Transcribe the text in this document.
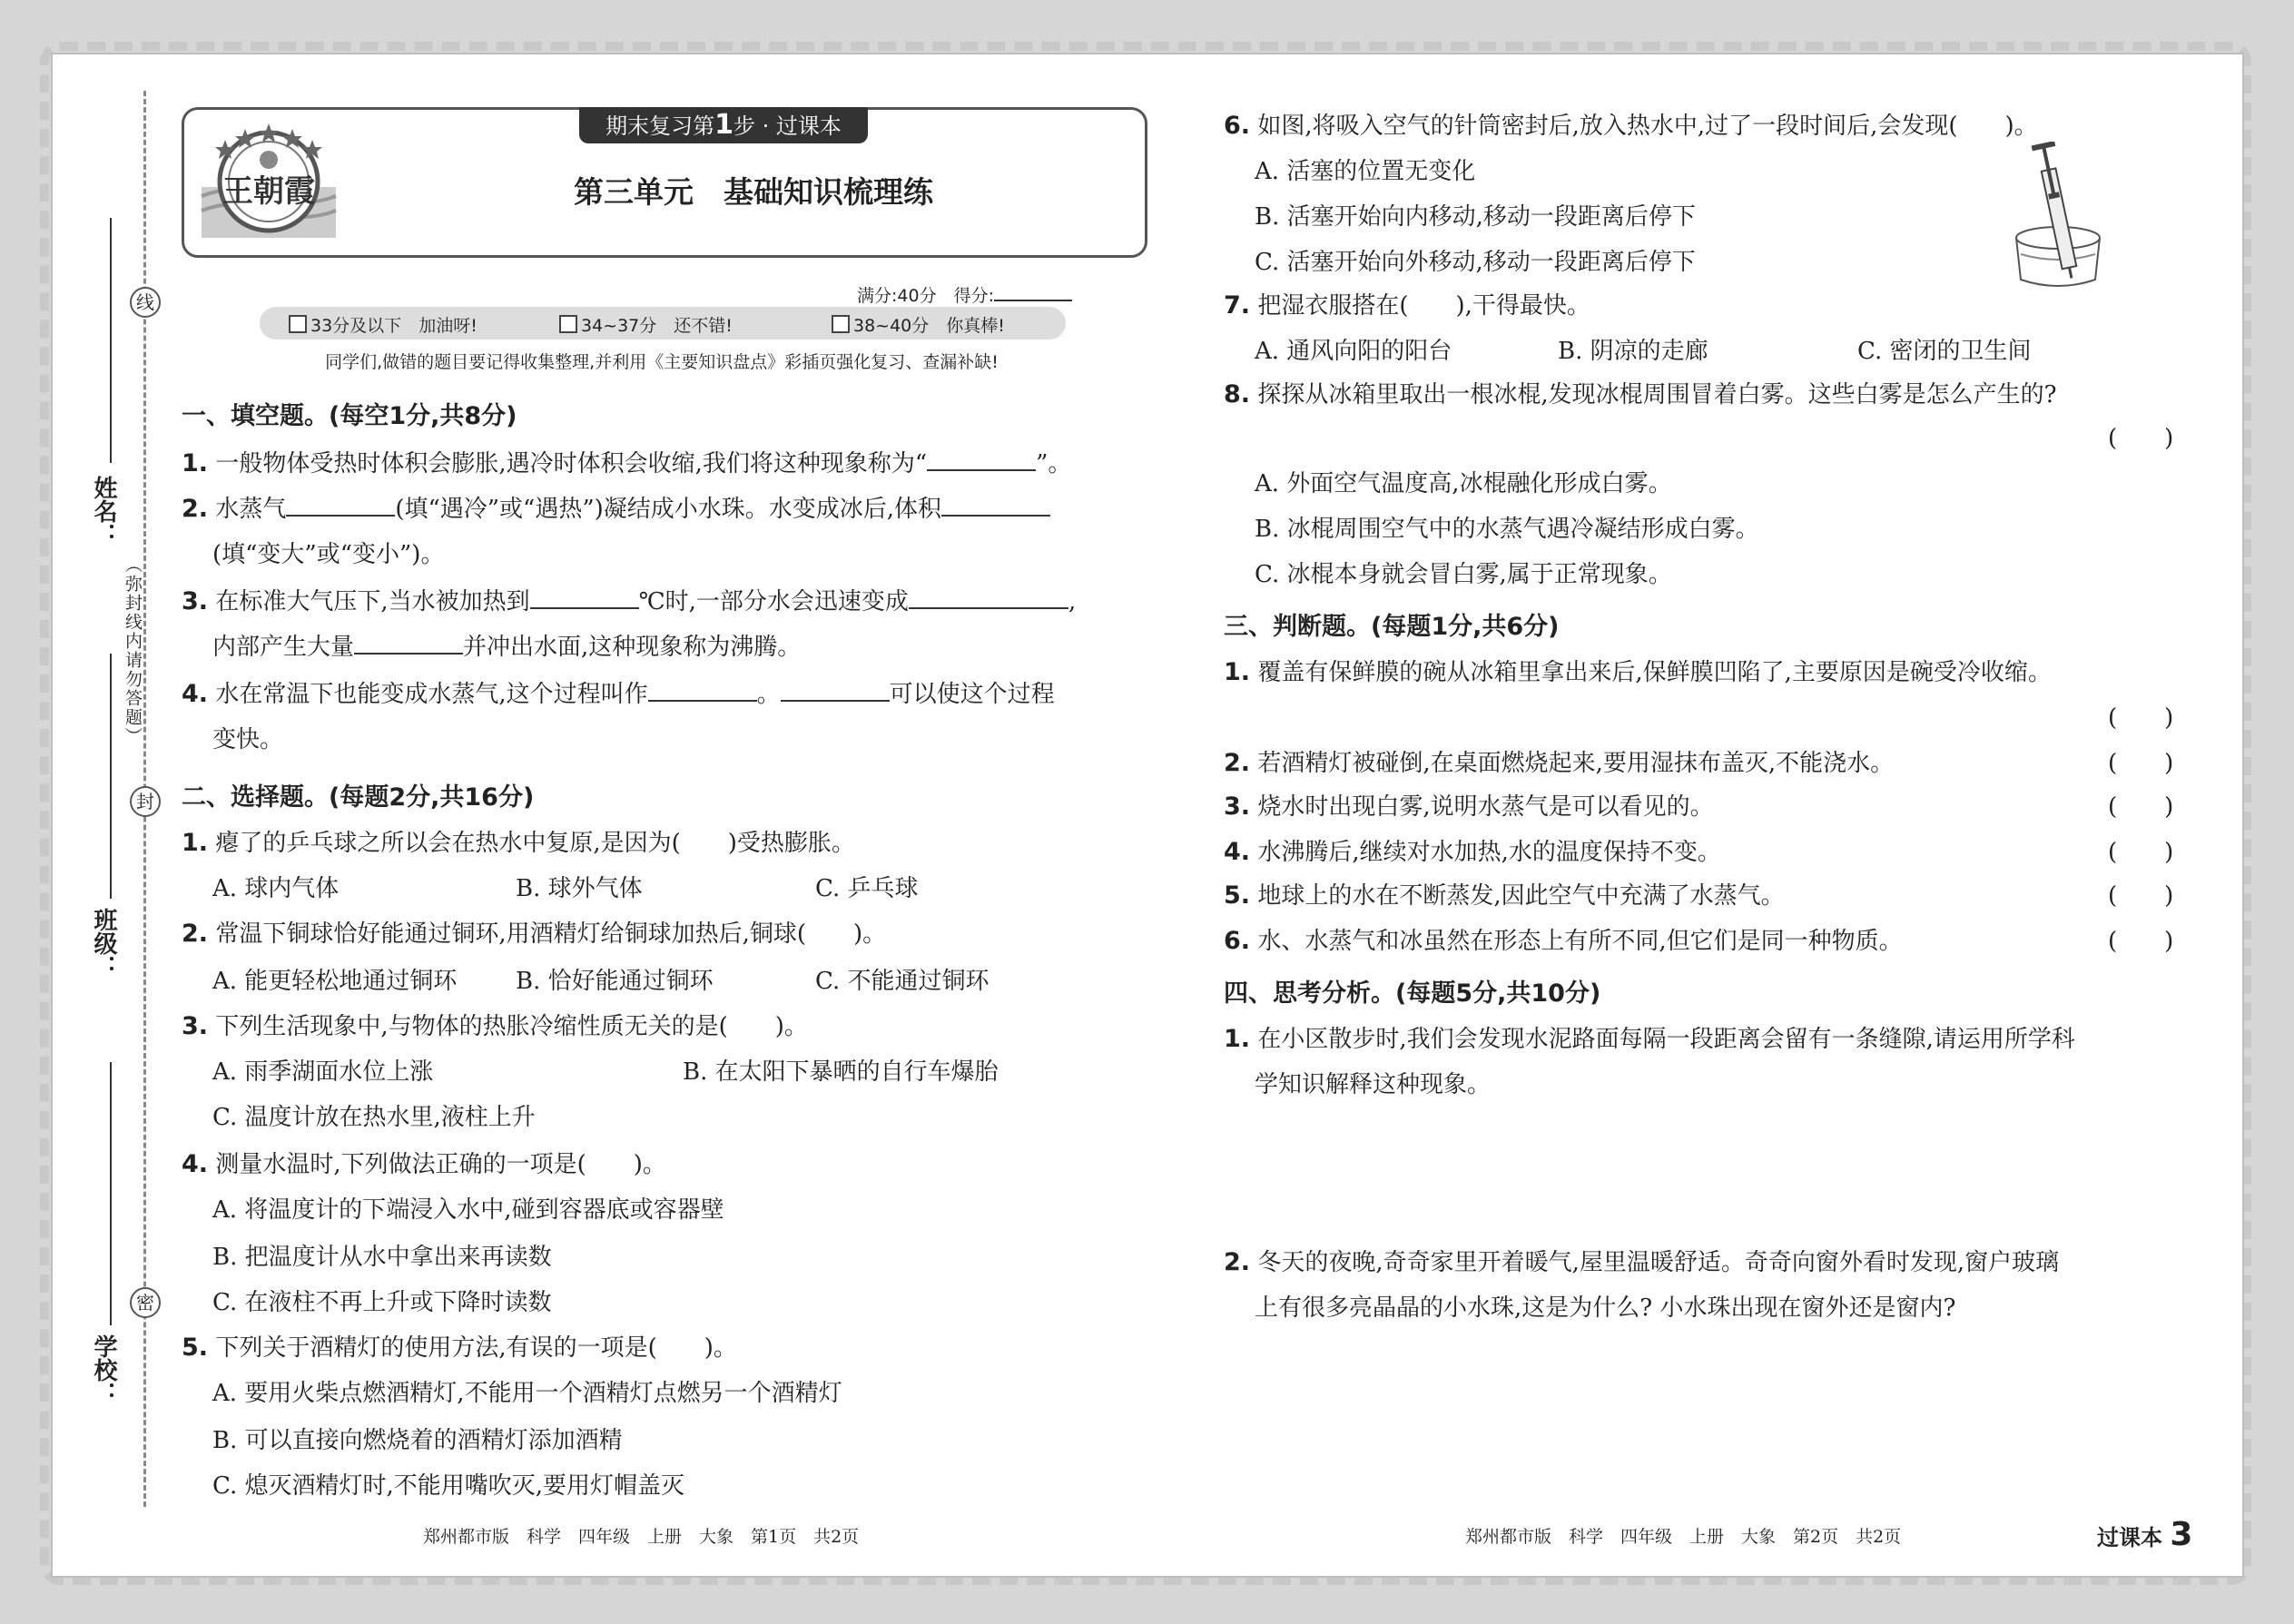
线
封
密
（弥封线内请勿答题）
姓名：
班级：
学校：
王朝霞
期末复习第1步 · 过课本
第三单元　基础知识梳理练
满分:40分　得分:
33分及以下　 加油呀!	34~37分　 还不错!	38~40分　 你真棒!
同学们,做错的题目要记得收集整理,并利用《主要知识盘点》彩插页强化复习、查漏补缺!
一、填空题。(每空1分,共8分)
1. 一般物体受热时体积会膨胀,遇冷时体积会收缩,我们将这种现象称为“	”。
2. 水蒸气	(填“遇冷”或“遇热”)凝结成小水珠。水变成冰后,体积
(填“变大”或“变小”)。
3. 在标准大气压下,当水被加热到	℃时,一部分水会迅速变成	,
内部产生大量	并冲出水面,这种现象称为沸腾。
4. 水在常温下也能变成水蒸气,这个过程叫作	。	可以使这个过程
变快。
二、选择题。(每题2分,共16分)
1. 瘪了的乒乓球之所以会在热水中复原,是因为(　　)受热膨胀。
A. 球内气体	B. 球外气体	C. 乒乓球
2. 常温下铜球恰好能通过铜环,用酒精灯给铜球加热后,铜球(　　)。
A. 能更轻松地通过铜环 B. 恰好能通过铜环	C. 不能通过铜环
3. 下列生活现象中,与物体的热胀冷缩性质无关的是(　　)。
A. 雨季湖面水位上涨	B. 在太阳下暴晒的自行车爆胎
C. 温度计放在热水里,液柱上升
4. 测量水温时,下列做法正确的一项是(　　)。
A. 将温度计的下端浸入水中,碰到容器底或容器壁
B. 把温度计从水中拿出来再读数
C. 在液柱不再上升或下降时读数
5. 下列关于酒精灯的使用方法,有误的一项是(　　)。
A. 要用火柴点燃酒精灯,不能用一个酒精灯点燃另一个酒精灯
B. 可以直接向燃烧着的酒精灯添加酒精
C. 熄灭酒精灯时,不能用嘴吹灭,要用灯帽盖灭
郑州都市版　科学　四年级　上册　大象　第1页　共2页
6. 如图,将吸入空气的针筒密封后,放入热水中,过了一段时间后,会发现(　　)。
A. 活塞的位置无变化
B. 活塞开始向内移动,移动一段距离后停下
C. 活塞开始向外移动,移动一段距离后停下
7. 把湿衣服搭在(　　),干得最快。
A. 通风向阳的阳台	B. 阴凉的走廊	C. 密闭的卫生间
8. 探探从冰箱里取出一根冰棍,发现冰棍周围冒着白雾。这些白雾是怎么产生的?
(　　)
A. 外面空气温度高,冰棍融化形成白雾。
B. 冰棍周围空气中的水蒸气遇冷凝结形成白雾。
C. 冰棍本身就会冒白雾,属于正常现象。
三、判断题。(每题1分,共6分)
1. 覆盖有保鲜膜的碗从冰箱里拿出来后,保鲜膜凹陷了,主要原因是碗受冷收缩。
(　　)
2. 若酒精灯被碰倒,在桌面燃烧起来,要用湿抹布盖灭,不能浇水。	(　　)
3. 烧水时出现白雾,说明水蒸气是可以看见的。	(　　)
4. 水沸腾后,继续对水加热,水的温度保持不变。	(　　)
5. 地球上的水在不断蒸发,因此空气中充满了水蒸气。	(　　)
6. 水、水蒸气和冰虽然在形态上有所不同,但它们是同一种物质。	(　　)
四、思考分析。(每题5分,共10分)
1. 在小区散步时,我们会发现水泥路面每隔一段距离会留有一条缝隙,请运用所学科
学知识解释这种现象。
2. 冬天的夜晚,奇奇家里开着暖气,屋里温暖舒适。奇奇向窗外看时发现,窗户玻璃
上有很多亮晶晶的小水珠,这是为什么? 小水珠出现在窗外还是窗内?
郑州都市版　科学　四年级　上册　大象　第2页　共2页	过课本 3
